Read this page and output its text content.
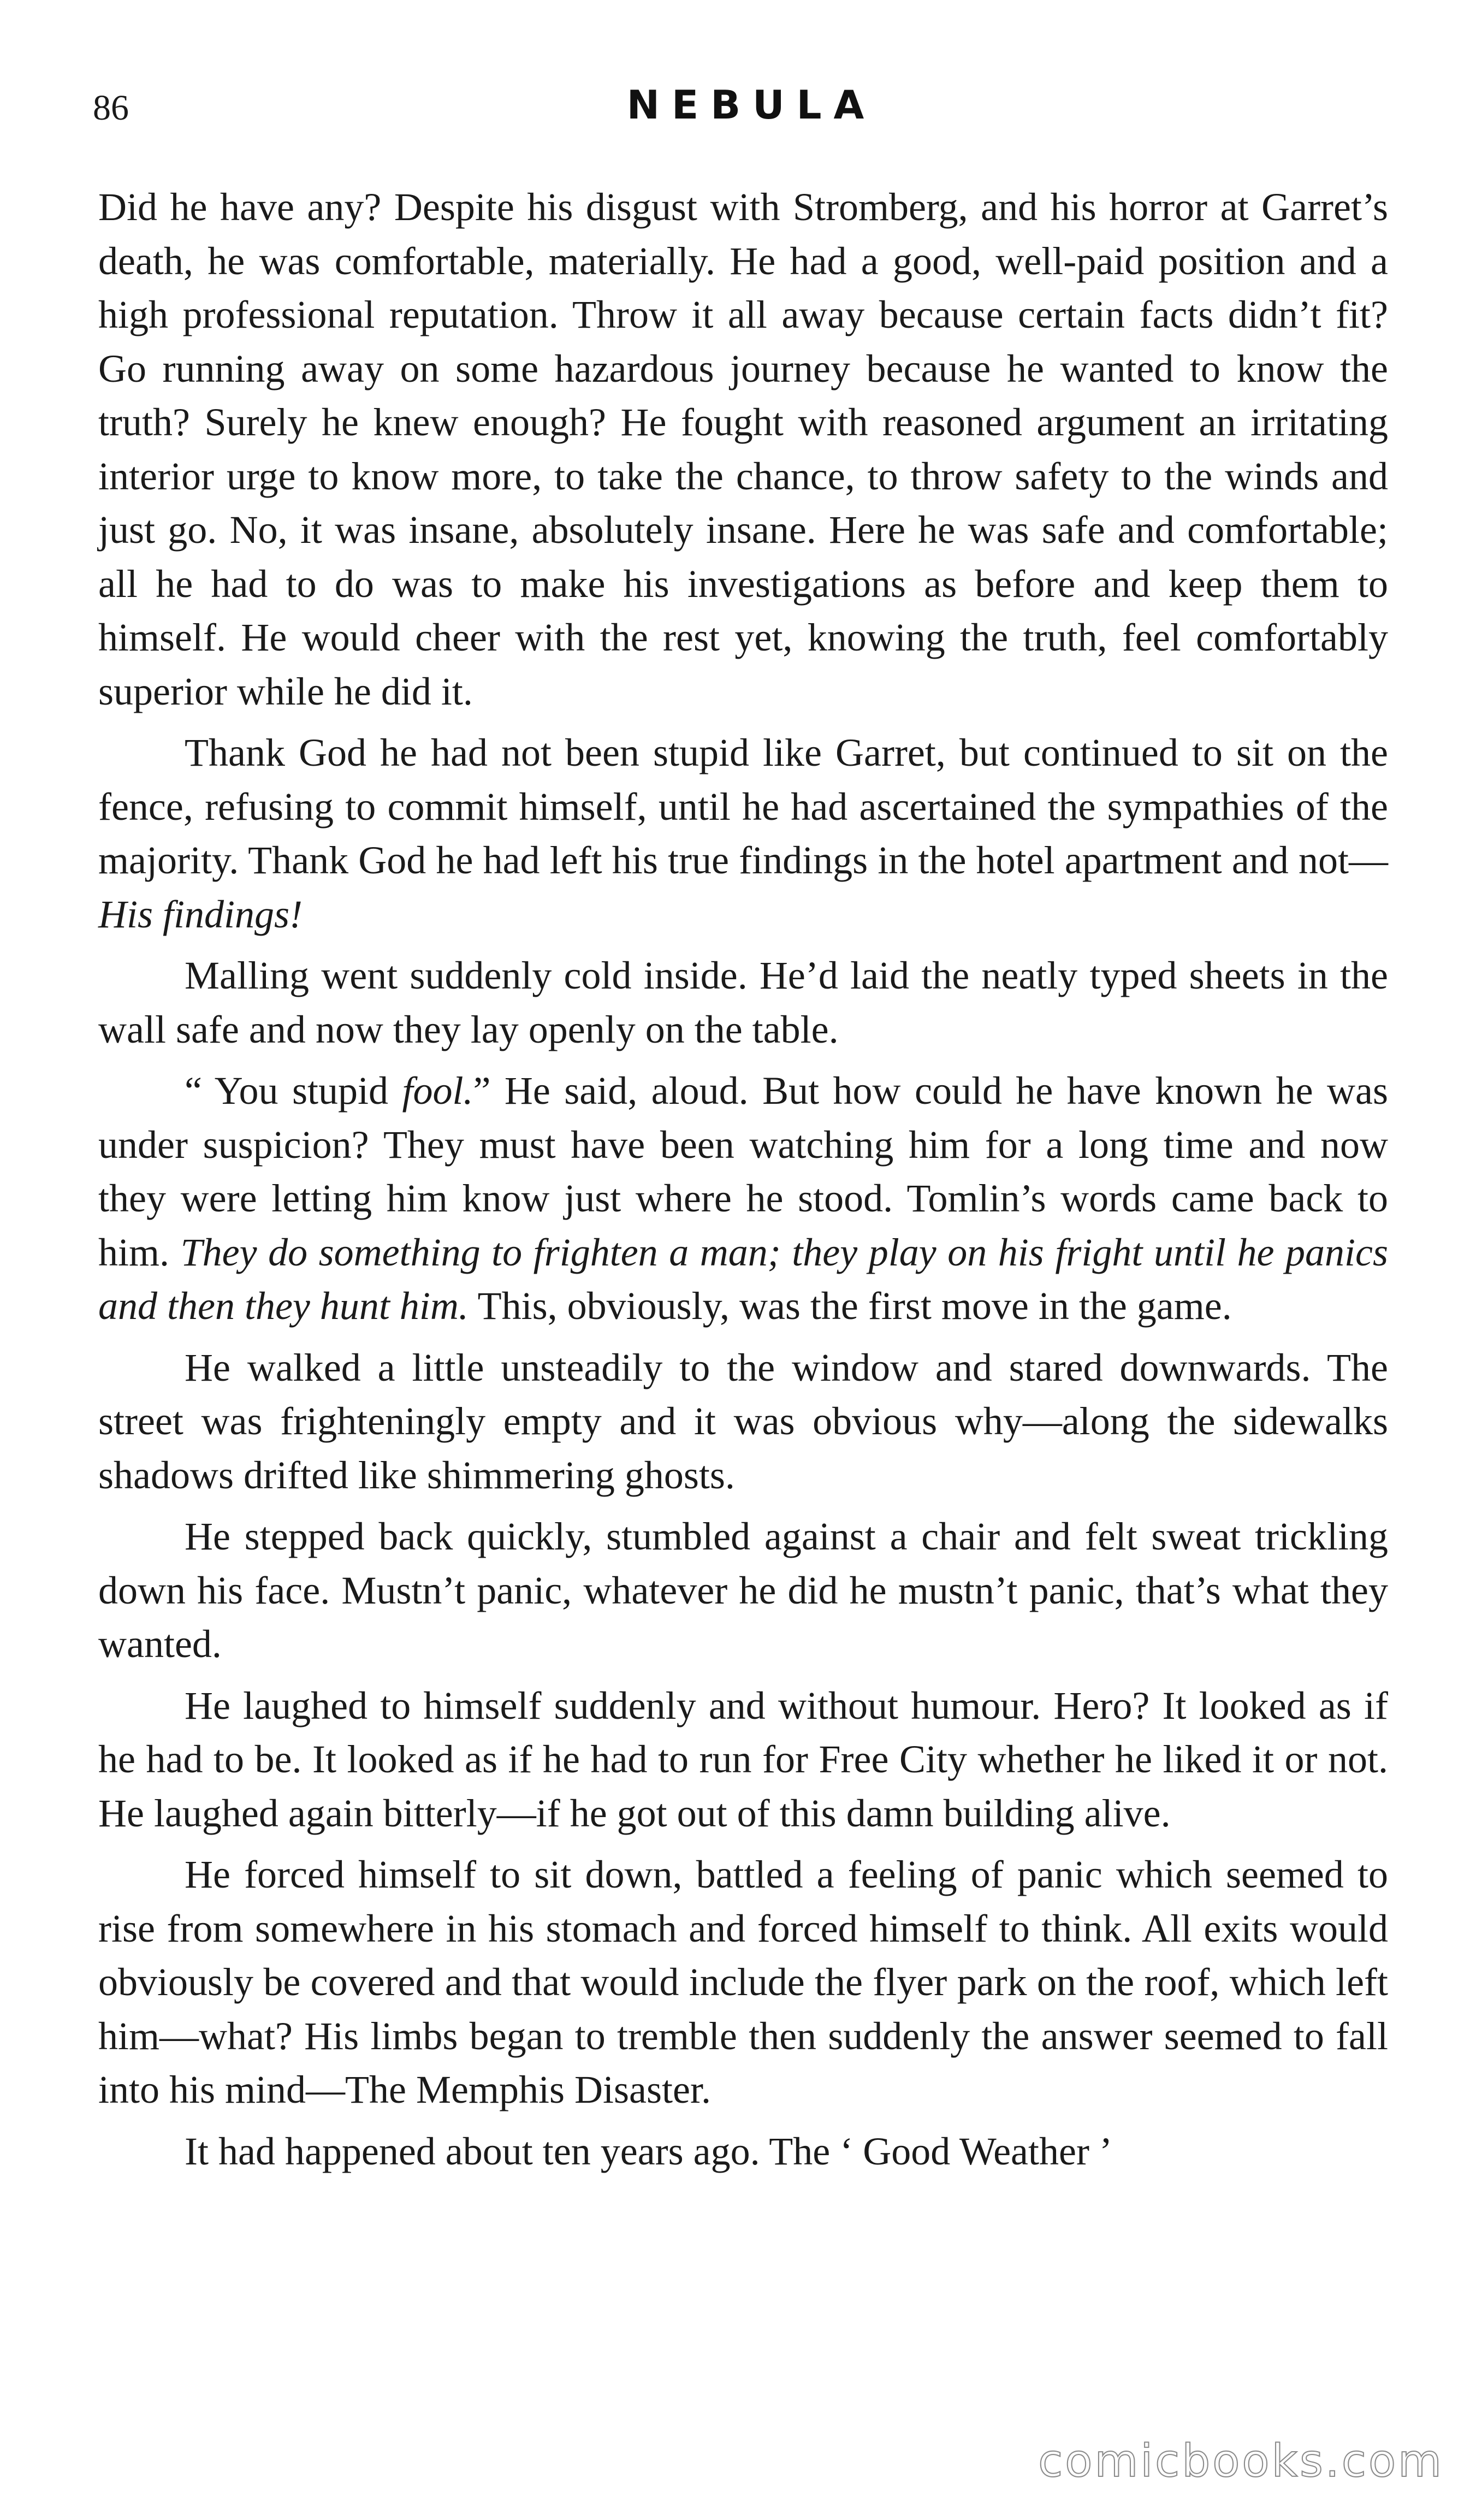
86	NEBULA

Did he have any? Despite his disgust with Stromberg, and his horror at Garret’s death, he was comfortable, materially. He had a good, well-paid position and a high professional reputation. Throw it all away because certain facts didn’t fit? Go running away on some hazardous journey because he wanted to know the truth? Surely he knew enough? He fought with reasoned argument an irritating interior urge to know more, to take the chance, to throw safety to the winds and just go. No, it was insane, absolutely insane. Here he was safe and comfortable; all he had to do was to make his investigations as before and keep them to himself. He would cheer with the rest yet, knowing the truth, feel comfortably superior while he did it.

Thank God he had not been stupid like Garret, but continued to sit on the fence, refusing to commit himself, until he had ascertained the sympathies of the majority. Thank God he had left his true findings in the hotel apartment and not— His findings!

Malling went suddenly cold inside. He’d laid the neatly typed sheets in the wall safe and now they lay openly on the table.

“ You stupid fool.” He said, aloud. But how could he have known he was under suspicion? They must have been watching him for a long time and now they were letting him know just where he stood. Tomlin’s words came back to him. They do something to frighten a man; they play on his fright until he panics and then they hunt him. This, obviously, was the first move in the game.

He walked a little unsteadily to the window and stared downwards. The street was frighteningly empty and it was obvious why—along the sidewalks shadows drifted like shimmering ghosts.

He stepped back quickly, stumbled against a chair and felt sweat trickling down his face. Mustn’t panic, whatever he did he mustn’t panic, that’s what they wanted.

He laughed to himself suddenly and without humour. Hero? It looked as if he had to be. It looked as if he had to run for Free City whether he liked it or not. He laughed again bitterly—if he got out of this damn building alive.

He forced himself to sit down, battled a feeling of panic which seemed to rise from somewhere in his stomach and forced himself to think. All exits would obviously be covered and that would include the flyer park on the roof, which left him—what? His limbs began to tremble then suddenly the answer seemed to fall into his mind—The Memphis Disaster.

It had happened about ten years ago. The ‘ Good Weather ’

comicbooks.com
